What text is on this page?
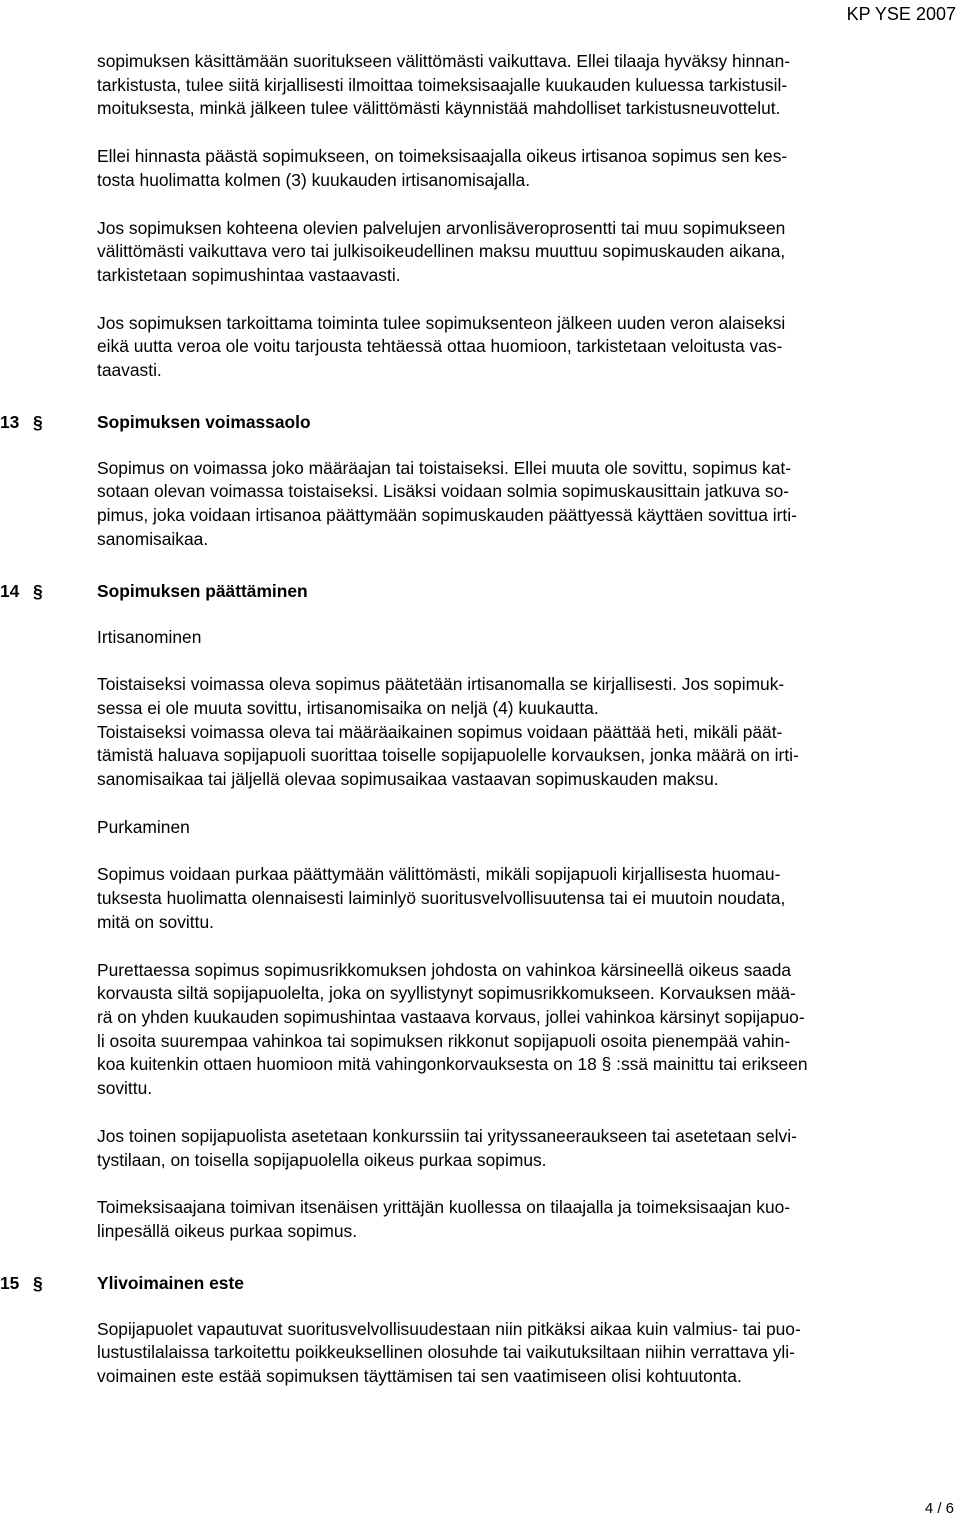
KP YSE 2007

sopimuksen käsittämään suoritukseen välittömästi vaikuttava. Ellei tilaaja hyväksy hinnan-
tarkistusta, tulee siitä kirjallisesti ilmoittaa toimeksisaajalle kuukauden kuluessa tarkistusil-
moituksesta, minkä jälkeen tulee välittömästi käynnistää mahdolliset tarkistusneuvottelut.

Ellei hinnasta päästä sopimukseen, on toimeksisaajalla oikeus irtisanoa sopimus sen kes-
tosta huolimatta kolmen (3) kuukauden irtisanomisajalla.

Jos sopimuksen kohteena olevien palvelujen arvonlisäveroprosentti tai muu sopimukseen
välittömästi vaikuttava vero tai julkisoikeudellinen maksu muuttuu sopimuskauden aikana,
tarkistetaan sopimushintaa vastaavasti.

Jos sopimuksen tarkoittama toiminta tulee sopimuksenteon jälkeen uuden veron alaiseksi
eikä uutta veroa ole voitu tarjousta tehtäessä ottaa huomioon, tarkistetaan veloitusta vas-
taavasti.

13 §	Sopimuksen voimassaolo

Sopimus on voimassa joko määräajan tai toistaiseksi. Ellei muuta ole sovittu, sopimus kat-
sotaan olevan voimassa toistaiseksi. Lisäksi voidaan solmia sopimuskausittain jatkuva so-
pimus, joka voidaan irtisanoa päättymään sopimuskauden päättyessä käyttäen sovittua irti-
sanomisaikaa.

14 §	Sopimuksen päättäminen
Irtisanominen

Toistaiseksi voimassa oleva sopimus päätetään irtisanomalla se kirjallisesti. Jos sopimuk-
sessa ei ole muuta sovittu, irtisanomisaika on neljä (4) kuukautta.

Toistaiseksi voimassa oleva tai määräaikainen sopimus voidaan päättää heti, mikäli päät-
tämistä haluava sopijapuoli suorittaa toiselle sopijapuolelle korvauksen, jonka määrä on irti-
sanomisaikaa tai jäljellä olevaa sopimusaikaa vastaavan sopimuskauden maksu.

Purkaminen

Sopimus voidaan purkaa päättymään välittömästi, mikäli sopijapuoli kirjallisesta huomau-
tuksesta huolimatta olennaisesti laiminlyö suoritusvelvollisuutensa tai ei muutoin noudata,
mitä on sovittu.

Purettaessa sopimus sopimusrikkomuksen johdosta on vahinkoa kärsineellä oikeus saada
korvausta siltä sopijapuolelta, joka on syyllistynyt sopimusrikkomukseen. Korvauksen mää-
rä on yhden kuukauden sopimushintaa vastaava korvaus, jollei vahinkoa kärsinyt sopijapuo-
li osoita suurempaa vahinkoa tai sopimuksen rikkonut sopijapuoli osoita pienempää vahin-
koa kuitenkin ottaen huomioon mitä vahingonkorvauksesta on 18 § :ssä mainittu tai erikseen
sovittu.

Jos toinen sopijapuolista asetetaan konkurssiin tai yrityssaneeraukseen tai asetetaan selvi-
tystilaan, on toisella sopijapuolella oikeus purkaa sopimus.

Toimeksisaajana toimivan itsenäisen yrittäjän kuollessa on tilaajalla ja toimeksisaajan kuo-
linpesällä oikeus purkaa sopimus.

15 §	Ylivoimainen este

Sopijapuolet vapautuvat suoritusvelvollisuudestaan niin pitkäksi aikaa kuin valmius- tai puo-
lustustilalaissa tarkoitettu poikkeuksellinen olosuhde tai vaikutuksiltaan niihin verrattava yli-
voimainen este estää sopimuksen täyttämisen tai sen vaatimiseen olisi kohtuutonta.

4 / 6
